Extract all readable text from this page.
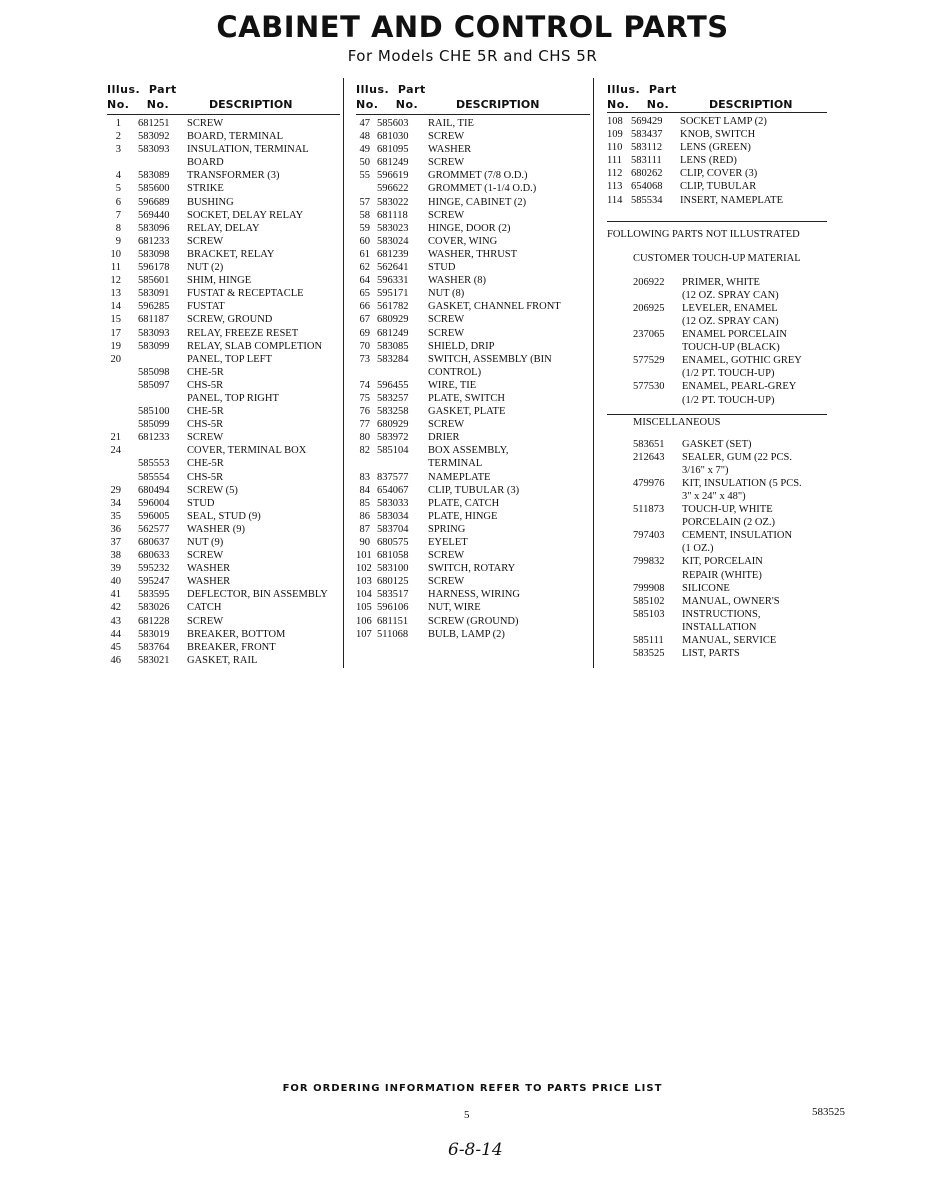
CABINET AND CONTROL PARTS
For Models CHE 5R and CHS 5R
Illus. Part
No. No.	DESCRIPTION
1 681251 SCREW
2 583092 BOARD, TERMINAL
3 583093 INSULATION, TERMINAL
BOARD
4 583089 TRANSFORMER (3)
5 585600 STRIKE
6 596689 BUSHING
7 569440 SOCKET, DELAY RELAY
8 583096 RELAY, DELAY
9 681233 SCREW
10 583098 BRACKET, RELAY
11 596178 NUT (2)
12 585601 SHIM, HINGE
13 583091 FUSTAT & RECEPTACLE
14 596285 FUSTAT
15 681187 SCREW, GROUND
17 583093 RELAY, FREEZE RESET
19 583099 RELAY, SLAB COMPLETION
20	PANEL, TOP LEFT
585098 CHE-5R
585097 CHS-5R
PANEL, TOP RIGHT
585100 CHE-5R
585099 CHS-5R
21 681233 SCREW
24	COVER, TERMINAL BOX
585553 CHE-5R
585554 CHS-5R
29 680494 SCREW (5)
34 596004 STUD
35 596005 SEAL, STUD (9)
36 562577 WASHER (9)
37 680637 NUT (9)
38 680633 SCREW
39 595232 WASHER
40 595247 WASHER
41 583595 DEFLECTOR, BIN ASSEMBLY
42 583026 CATCH
43 681228 SCREW
44 583019 BREAKER, BOTTOM
45 583764 BREAKER, FRONT
46 583021 GASKET, RAIL
Illus. Part
No. No.	DESCRIPTION
47 585603 RAIL, TIE
48 681030 SCREW
49 681095 WASHER
50 681249 SCREW
55 596619 GROMMET (7/8 O.D.)
596622 GROMMET (1-1/4 O.D.)
57 583022 HINGE, CABINET (2)
58 681118 SCREW
59 583023 HINGE, DOOR (2)
60 583024 COVER, WING
61 681239 WASHER, THRUST
62 562641 STUD
64 596331 WASHER (8)
65 595171 NUT (8)
66 561782 GASKET, CHANNEL FRONT
67 680929 SCREW
69 681249 SCREW
70 583085 SHIELD, DRIP
73 583284 SWITCH, ASSEMBLY (BIN
CONTROL)
74 596455 WIRE, TIE
75 583257 PLATE, SWITCH
76 583258 GASKET, PLATE
77 680929 SCREW
80 583972 DRIER
82 585104 BOX ASSEMBLY,
TERMINAL
83 837577 NAMEPLATE
84 654067 CLIP, TUBULAR (3)
85 583033 PLATE, CATCH
86 583034 PLATE, HINGE
87 583704 SPRING
90 680575 EYELET
101 681058 SCREW
102 583100 SWITCH, ROTARY
103 680125 SCREW
104 583517 HARNESS, WIRING
105 596106 NUT, WIRE
106 681151 SCREW (GROUND)
107 511068 BULB, LAMP (2)
Illus. Part
No. No.	DESCRIPTION
108 569429 SOCKET LAMP (2)
109 583437 KNOB, SWITCH
110 583112 LENS (GREEN)
111 583111 LENS (RED)
112 680262 CLIP, COVER (3)
113 654068 CLIP, TUBULAR
114 585534 INSERT, NAMEPLATE
FOLLOWING PARTS NOT ILLUSTRATED
CUSTOMER TOUCH-UP MATERIAL
206922 PRIMER, WHITE
(12 OZ. SPRAY CAN)
206925 LEVELER, ENAMEL
(12 OZ. SPRAY CAN)
237065 ENAMEL PORCELAIN
TOUCH-UP (BLACK)
577529 ENAMEL, GOTHIC GREY
(1/2 PT. TOUCH-UP)
577530 ENAMEL, PEARL-GREY
(1/2 PT. TOUCH-UP)
MISCELLANEOUS
583651 GASKET (SET)
212643 SEALER, GUM (22 PCS.
3/16" x 7")
479976 KIT, INSULATION (5 PCS.
3" x 24" x 48")
511873 TOUCH-UP, WHITE
PORCELAIN (2 OZ.)
797403 CEMENT, INSULATION
(1 OZ.)
799832 KIT, PORCELAIN
REPAIR (WHITE)
799908 SILICONE
585102 MANUAL, OWNER'S
585103 INSTRUCTIONS,
INSTALLATION
585111 MANUAL, SERVICE
583525 LIST, PARTS
FOR ORDERING INFORMATION REFER TO PARTS PRICE LIST
5	583525
6-8-14
